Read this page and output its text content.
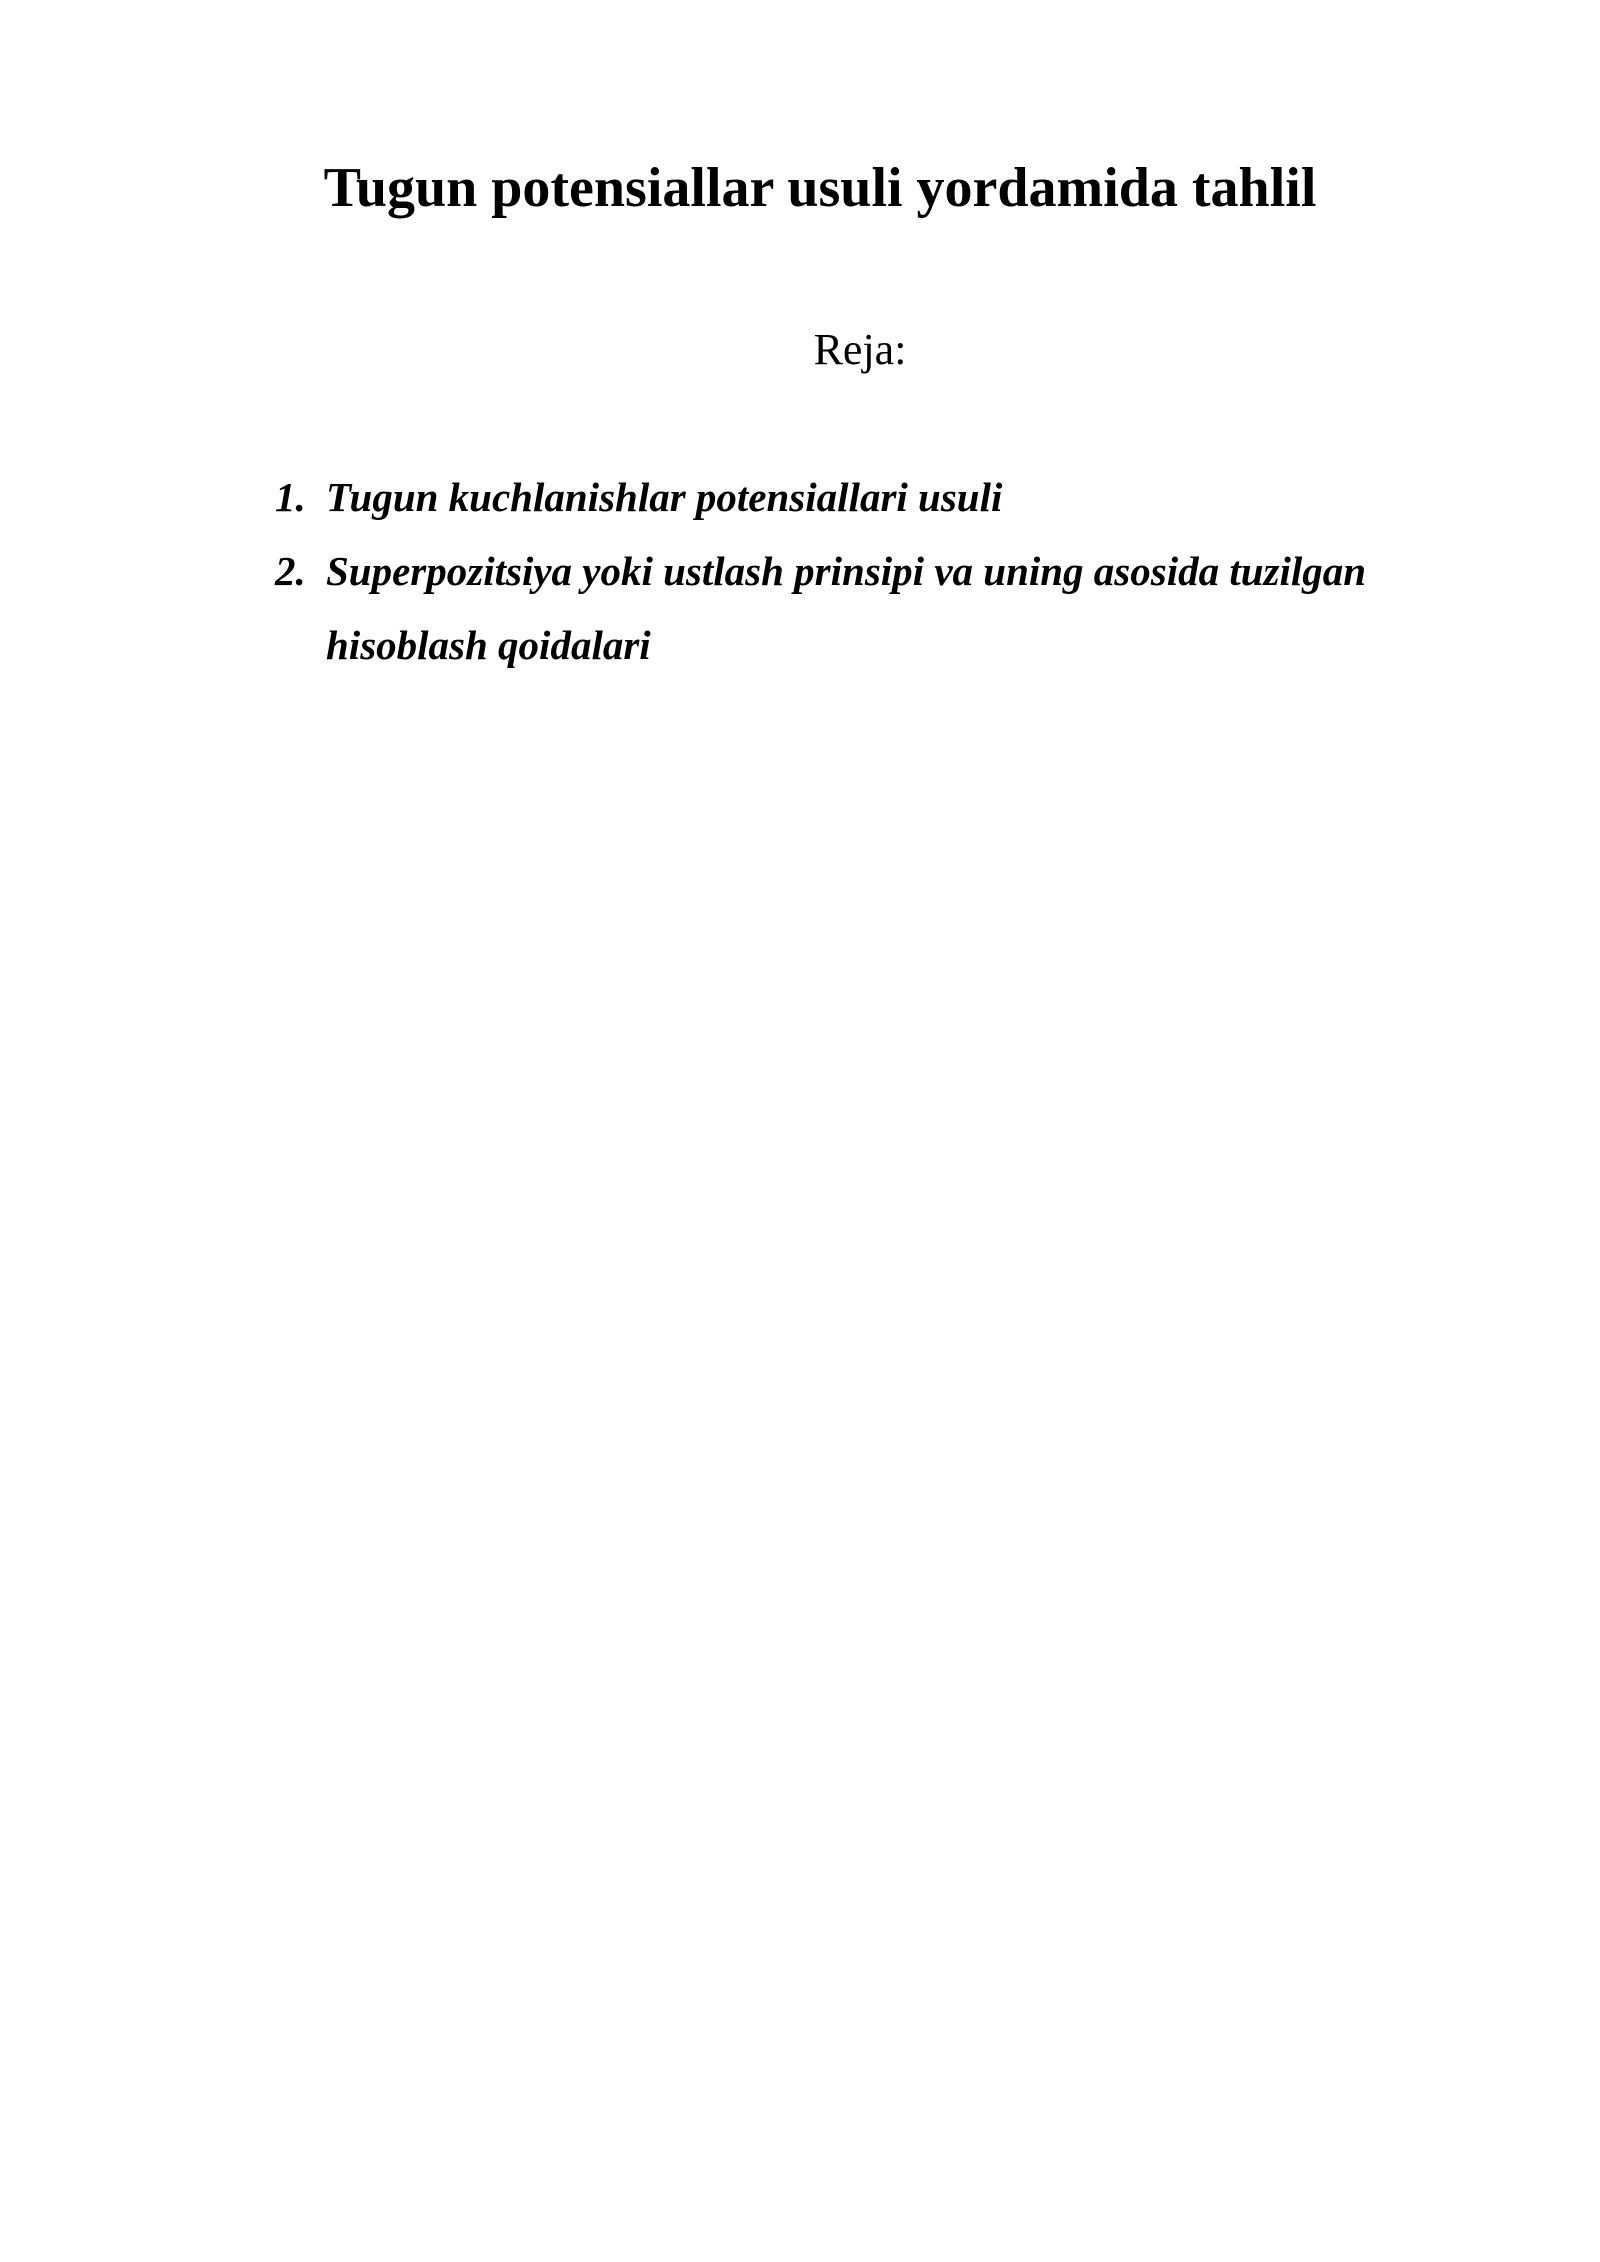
Tugun potensiallar usuli yordamida tahlil

Reja:

1. Tugun kuchlanishlar potensiallari usuli
2. Superpozitsiya yoki ustlash prinsipi va uning asosida tuzilgan hisoblash qoidalari
